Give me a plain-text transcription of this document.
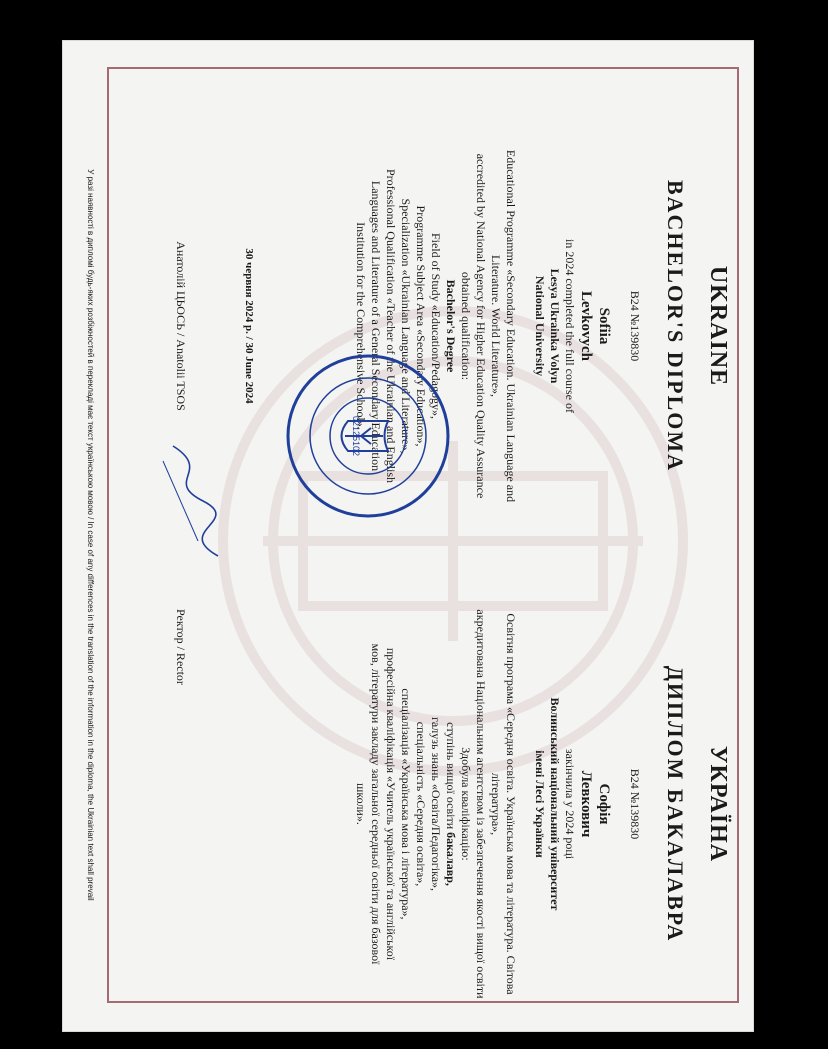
UKRAINE
BACHELOR'S DIPLOMA
B24 №139830
Sofiia
Levkovych
in 2024 completed the full course of
Lesya Ukrainka Volyn
National University
Educational Programme «Secondary Education. Ukrainian Language and
Literature. World Literature»,
accredited by National Agency for Higher Education Quality Assurance
obtained qualification:
Bachelor's Degree
Field of Study «Education/Pedagogy»,
Programme Subject Area «Secondary Education»,
Specialization «Ukrainian Language and Literature»,
Professional Qualification «Teacher of the Ukrainian and English
Languages and Literature of a General Secondary Education
Institution for the Comprehensive School».
30 червня 2024 р. / 30 June 2024
Анатолій ЦЬОСЬ / Anatolii TSOS
УКРАЇНА
ДИПЛОМ БАКАЛАВРА
B24 №139830
Софія
Левкович
закінчила у 2024 році
Волинський національний університет
імені Лесі Українки
Освітня програма «Середня освіта. Українська мова та література. Світова
література»,
акредитована Національним агентством із забезпечення якості вищої освіти
Здобула кваліфікацію:
ступінь вищої освіти бакалавр,
галузь знань «Освіта/Педагогіка»,
спеціальність «Середня освіта»,
спеціалізація «Українська мова і література»,
професійна кваліфікація «Учитель української та англійської
мов, літератури закладу загальної середньої освіти для базової
школи».
Ректор / Rector
02125102
У разі наявності в дипломі будь-яких розбіжностей в перекладі має текст українською мовою / In case of any differences in the translation of the information in the diploma, the Ukrainian text shall prevail
